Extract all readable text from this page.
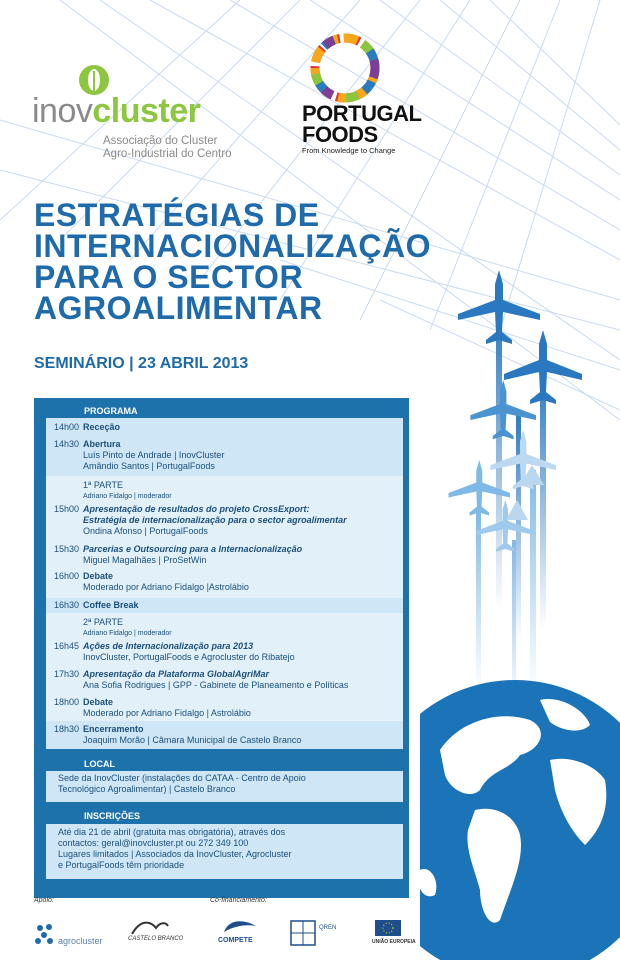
inovcluster
Associação do Cluster
Agro-Industrial do Centro
PORTUGAL
FOODS
From Knowledge to Change
ESTRATÉGIAS DE
INTERNACIONALIZAÇÃO
PARA O SECTOR
AGROALIMENTAR
SEMINÁRIO | 23 ABRIL 2013
PROGRAMA
14h00 Receção
14h30 Abertura
Luís Pinto de Andrade | InovCluster
Amândio Santos | PortugalFoods
1ª PARTE
Adriano Fidalgo | moderador
15h00 Apresentação de resultados do projeto CrossExport:
Estratégia de internacionalização para o sector agroalimentar
Ondina Afonso | PortugalFoods
15h30 Parcerias e Outsourcing para a Internacionalização
Miguel Magalhães | ProSetWin
16h00 Debate
Moderado por Adriano Fidalgo |Astrolábio
16h30 Coffee Break
2ª PARTE
Adriano Fidalgo | moderador
16h45 Ações de Internacionalização para 2013
InovCluster, PortugalFoods e Agrocluster do Ribatejo
17h30 Apresentação da Plataforma GlobalAgriMar
Ana Sofia Rodrigues | GPP - Gabinete de Planeamento e Políticas
18h00 Debate
Moderado por Adriano Fidalgo | Astrolábio
18h30 Encerramento
Joaquim Morão | Câmara Municipal de Castelo Branco
LOCAL
Sede da InovCluster (instalações do CATAA - Centro de Apoio
Tecnológico Agroalimentar) | Castelo Branco
INSCRIÇÕES
Até dia 21 de abril (gratuita mas obrigatória), através dos
contactos: geral@inovcluster.pt ou 272 349 100
Lugares limitados | Associados da InovCluster, Agrocluster
e PortugalFoods têm prioridade
Apoio:	Co-financiamento:
agrocluster	CASTELO BRANCO	COMPETE
QREN
UNIÃO EUROPEIA
